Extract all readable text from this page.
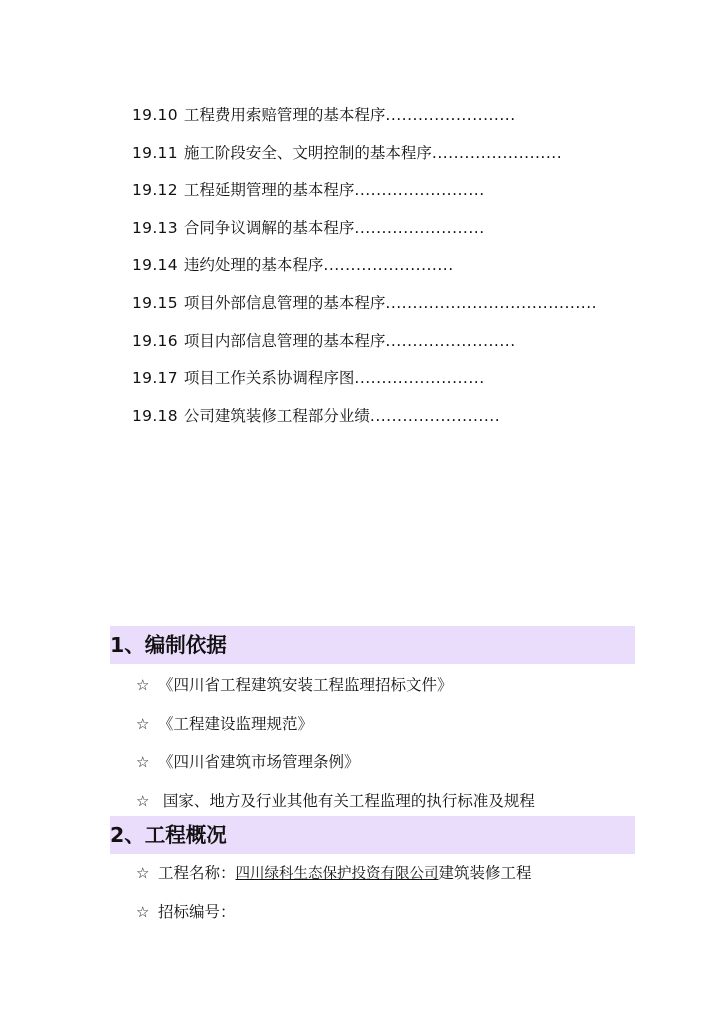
19.10 工程费用索赔管理的基本程序........................
19.11 施工阶段安全、文明控制的基本程序........................
19.12 工程延期管理的基本程序........................
19.13 合同争议调解的基本程序........................
19.14 违约处理的基本程序........................
19.15 项目外部信息管理的基本程序.......................................
19.16 项目内部信息管理的基本程序........................
19.17 项目工作关系协调程序图........................
19.18 公司建筑装修工程部分业绩........................
1、编制依据
☆ 《四川省工程建筑安装工程监理招标文件》
☆ 《工程建设监理规范》
☆ 《四川省建筑市场管理条例》
☆ 国家、地方及行业其他有关工程监理的执行标准及规程
2、工程概况
☆ 工程名称：四川绿科生态保护投资有限公司建筑装修工程
☆ 招标编号：
